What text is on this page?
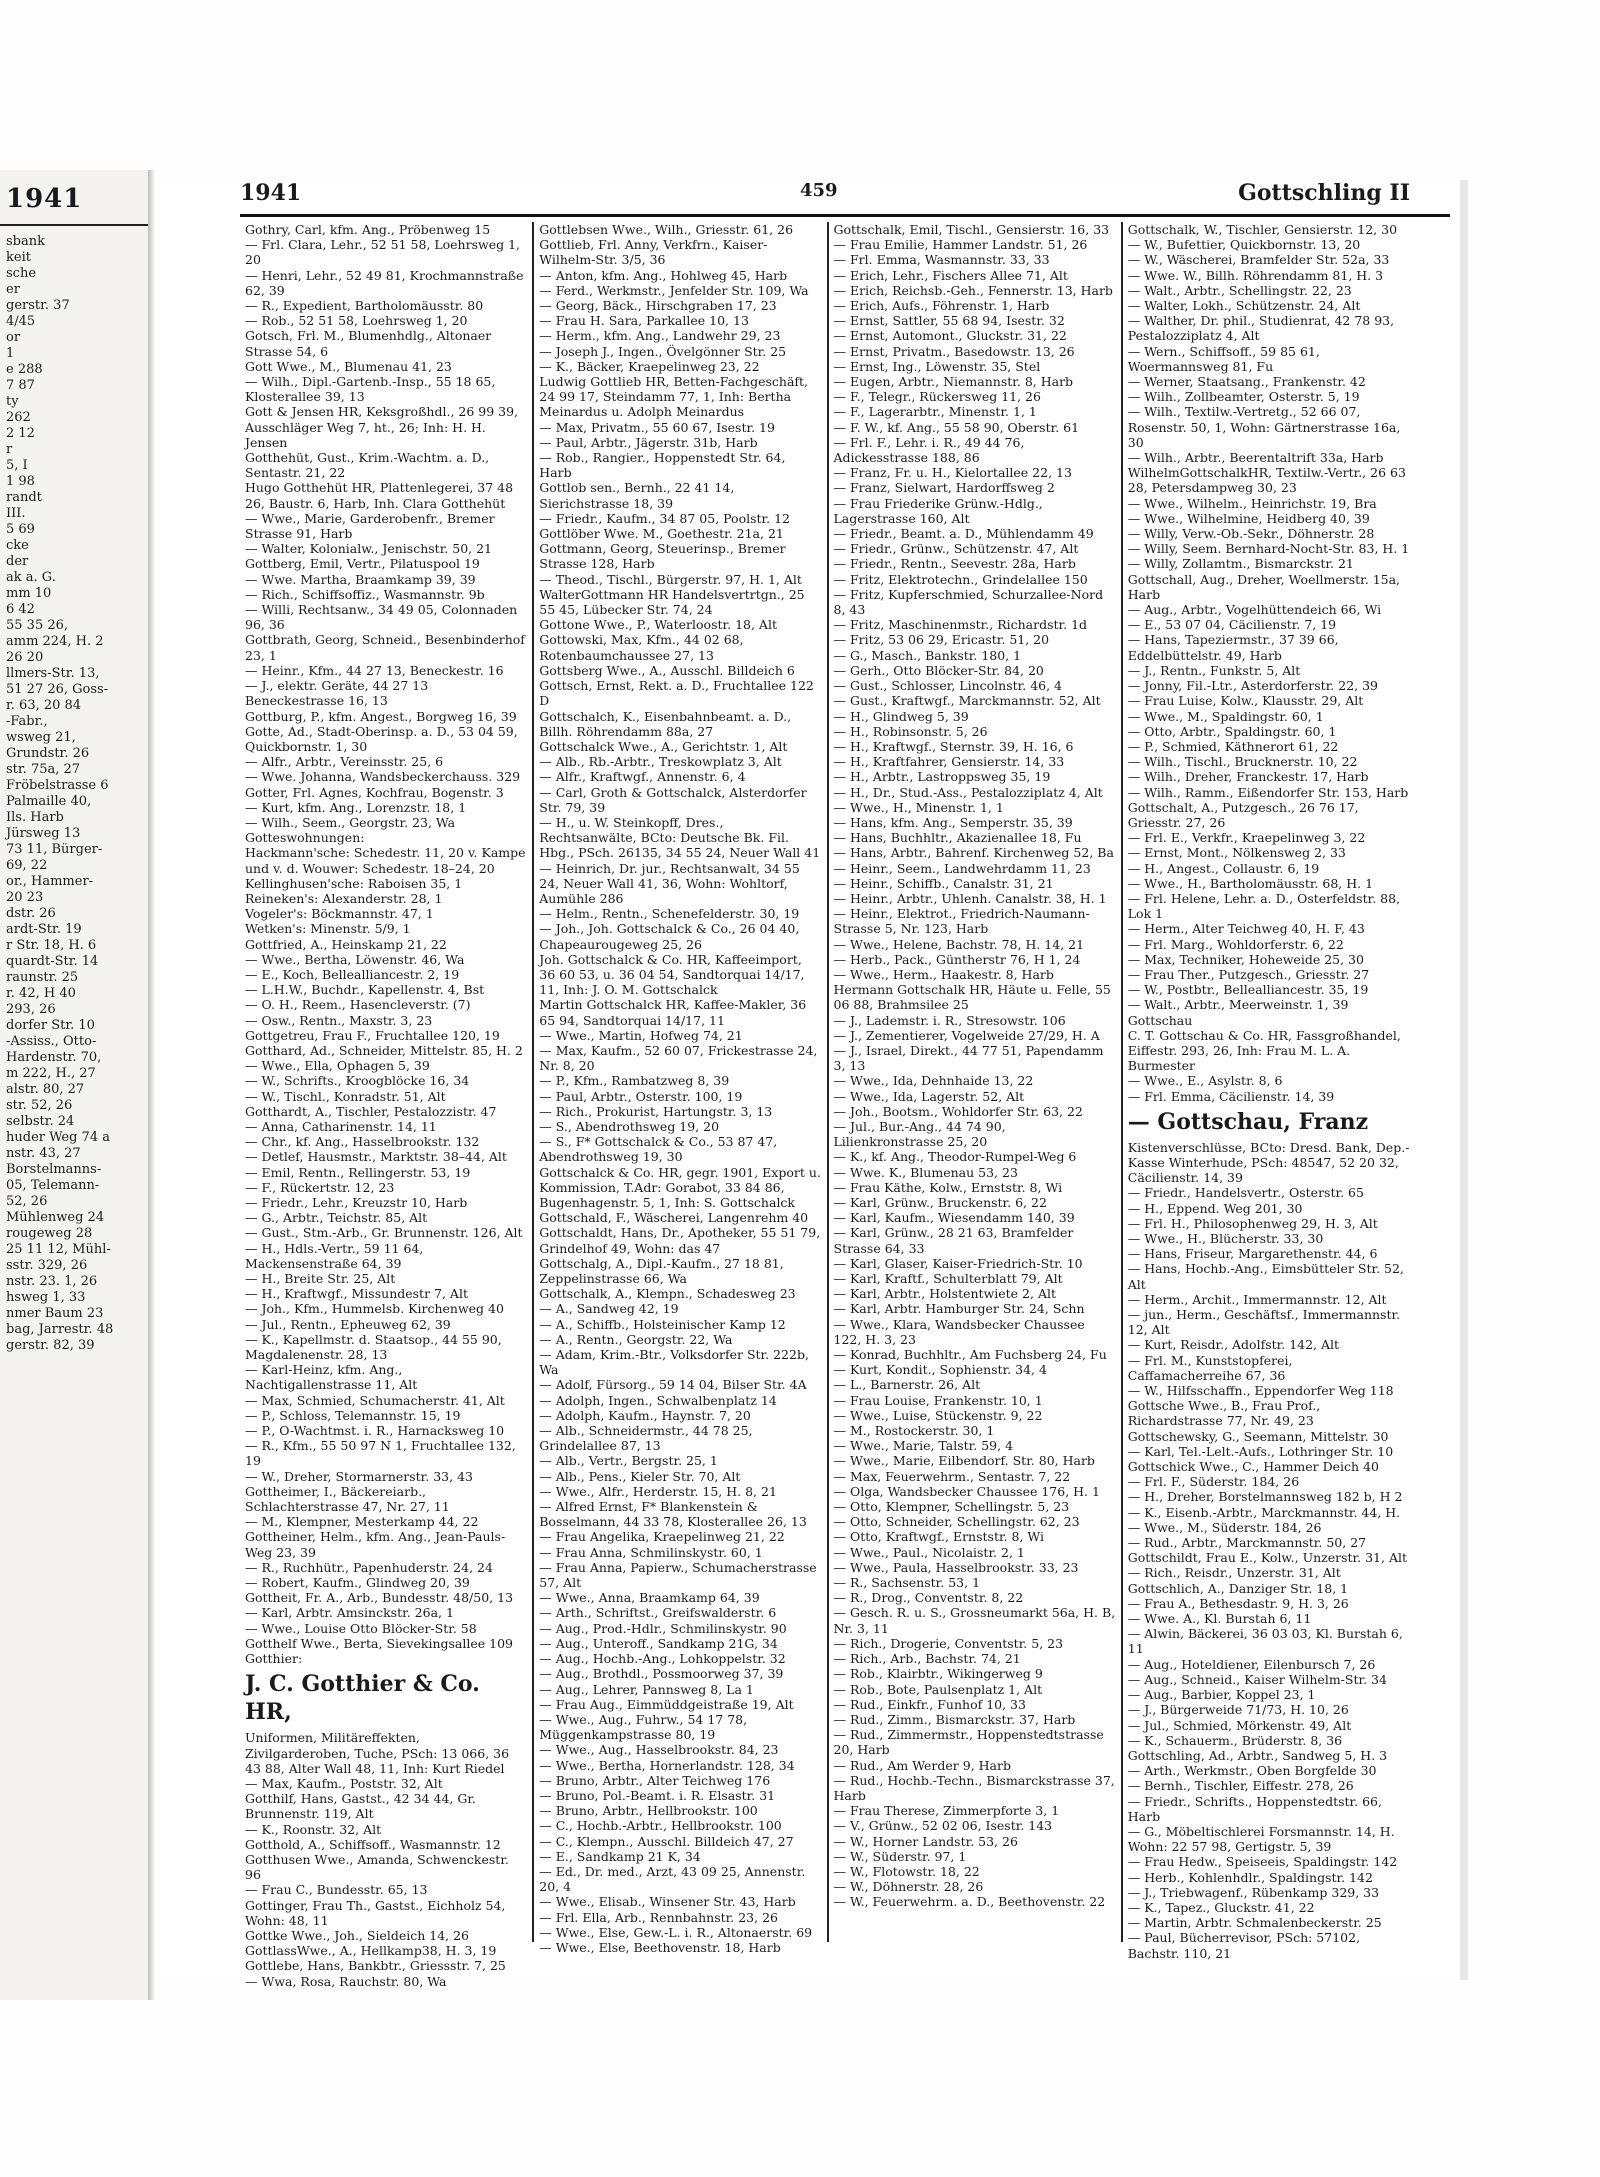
1941
sbank
keit
sche
er
gerstr. 37
4/45
or
1
e 288
7 87
ty
262
2 12
r
5, I
1 98
randt
III.
5 69
cke
der
ak a. G.
mm 10
6 42
55 35 26,
amm 224, H. 2
26 20
llmers-Str. 13,
51 27 26, Goss-
r. 63, 20 84
-Fabr.,
wsweg 21,
Grundstr. 26
str. 75a, 27
Fröbelstrasse 6
Palmaille 40,
Ils. Harb
Jürsweg 13
73 11, Bürger-
69, 22
or., Hammer-
20 23
dstr. 26
ardt-Str. 19
r Str. 18, H. 6
quardt-Str. 14
raunstr. 25
r. 42, H 40
293, 26
dorfer Str. 10
-Assiss., Otto-
Hardenstr. 70,
m 222, H., 27
alstr. 80, 27
str. 52, 26
selbstr. 24
huder Weg 74 a
nstr. 43, 27
Borstelmanns-
05, Telemann-
52, 26
Mühlenweg 24
rougeweg 28
25 11 12, Mühl-
sstr. 329, 26
nstr. 23. 1, 26
hsweg 1, 33
nmer Baum 23
bag, Jarrestr. 48
gerstr. 82, 39
1941	459	Gottschling II

Gothry, Carl, kfm. Ang., Pröbenweg 15

— Frl. Clara, Lehr., 52 51 58, Loehrsweg 1, 20

— Henri, Lehr., 52 49 81, Krochmannstraße 62, 39

— R., Expedient, Bartholomäusstr. 80

— Rob., 52 51 58, Loehrsweg 1, 20

Gotsch, Frl. M., Blumenhdlg., Altonaer Strasse 54, 6

Gott Wwe., M., Blumenau 41, 23

— Wilh., Dipl.-Gartenb.-Insp., 55 18 65, Klosterallee 39, 13

Gott & Jensen HR, Keksgroßhdl., 26 99 39, Ausschläger Weg 7, ht., 26; Inh: H. H. Jensen

Gotthehüt, Gust., Krim.-Wachtm. a. D., Sentastr. 21, 22

Hugo Gotthehüt HR, Plattenlegerei, 37 48 26, Baustr. 6, Harb, Inh. Clara Gotthehüt

— Wwe., Marie, Garderobenfr., Bremer Strasse 91, Harb

— Walter, Kolonialw., Jenischstr. 50, 21

Gottberg, Emil, Vertr., Pilatuspool 19

— Wwe. Martha, Braamkamp 39, 39

— Rich., Schiffsoffiz., Wasmannstr. 9b

— Willi, Rechtsanw., 34 49 05, Colonnaden 96, 36

Gottbrath, Georg, Schneid., Besenbinderhof 23, 1

— Heinr., Kfm., 44 27 13, Beneckestr. 16

— J., elektr. Geräte, 44 27 13 Beneckestrasse 16, 13

Gottburg, P., kfm. Angest., Borgweg 16, 39

Gotte, Ad., Stadt-Oberinsp. a. D., 53 04 59, Quickbornstr. 1, 30

— Alfr., Arbtr., Vereinsstr. 25, 6

— Wwe. Johanna, Wandsbeckerchauss. 329

Gotter, Frl. Agnes, Kochfrau, Bogenstr. 3

— Kurt, kfm. Ang., Lorenzstr. 18, 1

— Wilh., Seem., Georgstr. 23, Wa

Gotteswohnungen:

Hackmann'sche: Schedestr. 11, 20 v. Kampe und v. d. Wouwer: Schedestr. 18–24, 20

Kellinghusen'sche: Raboisen 35, 1

Reineken's: Alexanderstr. 28, 1

Vogeler's: Böckmannstr. 47, 1

Wetken's: Minenstr. 5/9, 1

Gottfried, A., Heinskamp 21, 22

— Wwe., Bertha, Löwenstr. 46, Wa

— E., Koch, Bellealliancestr. 2, 19

— L.H.W., Buchdr., Kapellenstr. 4, Bst

— O. H., Reem., Hasencleverstr. (7)

— Osw., Rentn., Maxstr. 3, 23

Gottgetreu, Frau F., Fruchtallee 120, 19

Gotthard, Ad., Schneider, Mittelstr. 85, H. 2

— Wwe., Ella, Ophagen 5, 39

— W., Schrifts., Kroogblöcke 16, 34

— W., Tischl., Konradstr. 51, Alt

Gotthardt, A., Tischler, Pestalozzistr. 47

— Anna, Catharinenstr. 14, 11

— Chr., kf. Ang., Hasselbrookstr. 132

— Detlef, Hausmstr., Marktstr. 38–44, Alt

— Emil, Rentn., Rellingerstr. 53, 19

— F., Rückertstr. 12, 23

— Friedr., Lehr., Kreuzstr 10, Harb

— G., Arbtr., Teichstr. 85, Alt

— Gust., Stm.-Arb., Gr. Brunnenstr. 126, Alt

— H., Hdls.-Vertr., 59 11 64, Mackensenstraße 64, 39

— H., Breite Str. 25, Alt

— H., Kraftwgf., Missundestr 7, Alt

— Joh., Kfm., Hummelsb. Kirchenweg 40

— Jul., Rentn., Epheuweg 62, 39

— K., Kapellmstr. d. Staatsop., 44 55 90, Magdalenenstr. 28, 13

— Karl-Heinz, kfm. Ang., Nachtigallenstrasse 11, Alt

— Max, Schmied, Schumacherstr. 41, Alt

— P., Schloss, Telemannstr. 15, 19

— P., O-Wachtmst. i. R., Harnacksweg 10

— R., Kfm., 55 50 97 N 1, Fruchtallee 132, 19

— W., Dreher, Stormarnerstr. 33, 43

Gottheimer, I., Bäckereiarb., Schlachterstrasse 47, Nr. 27, 11

— M., Klempner, Mesterkamp 44, 22

Gottheiner, Helm., kfm. Ang., Jean-Pauls-Weg 23, 39

— R., Ruchhütr., Papenhuderstr. 24, 24

— Robert, Kaufm., Glindweg 20, 39

Gottheit, Fr. A., Arb., Bundesstr. 48/50, 13

— Karl, Arbtr. Amsinckstr. 26a, 1

— Wwe., Louise Otto Blöcker-Str. 58

Gotthelf Wwe., Berta, Sievekingsallee 109

Gotthier:

J. C. Gotthier & Co. HR,

Uniformen, Militäreffekten, Zivilgarderoben, Tuche, PSch: 13 066, 36 43 88, Alter Wall 48, 11, Inh: Kurt Riedel

— Max, Kaufm., Poststr. 32, Alt

Gotthilf, Hans, Gastst., 42 34 44, Gr. Brunnenstr. 119, Alt

— K., Roonstr. 32, Alt

Gotthold, A., Schiffsoff., Wasmannstr. 12

Gotthusen Wwe., Amanda, Schwenckestr. 96

— Frau C., Bundesstr. 65, 13

Gottinger, Frau Th., Gastst., Eichholz 54, Wohn: 48, 11

Gottke Wwe., Joh., Sieldeich 14, 26

GottlassWwe., A., Hellkamp38, H. 3, 19

Gottlebe, Hans, Bankbtr., Griessstr. 7, 25

— Wwa, Rosa, Rauchstr. 80, Wa

Gottlebsen Wwe., Wilh., Griesstr. 61, 26

Gottlieb, Frl. Anny, Verkfrn., Kaiser-Wilhelm-Str. 3/5, 36

— Anton, kfm. Ang., Hohlweg 45, Harb

— Ferd., Werkmstr., Jenfelder Str. 109, Wa

— Georg, Bäck., Hirschgraben 17, 23

— Frau H. Sara, Parkallee 10, 13

— Herm., kfm. Ang., Landwehr 29, 23

— Joseph J., Ingen., Övelgönner Str. 25

— K., Bäcker, Kraepelinweg 23, 22

Ludwig Gottlieb HR, Betten-Fachgeschäft, 24 99 17, Steindamm 77, 1, Inh: Bertha Meinardus u. Adolph Meinardus

— Max, Privatm., 55 60 67, Isestr. 19

— Paul, Arbtr., Jägerstr. 31b, Harb

— Rob., Rangier., Hoppenstedt Str. 64, Harb

Gottlob sen., Bernh., 22 41 14, Sierichstrasse 18, 39

— Friedr., Kaufm., 34 87 05, Poolstr. 12

Gottlöber Wwe. M., Goethestr. 21a, 21

Gottmann, Georg, Steuerinsp., Bremer Strasse 128, Harb

— Theod., Tischl., Bürgerstr. 97, H. 1, Alt

WalterGottmann HR Handelsvertrtgn., 25 55 45, Lübecker Str. 74, 24

Gottone Wwe., P., Waterloostr. 18, Alt

Gottowski, Max, Kfm., 44 02 68, Rotenbaumchaussee 27, 13

Gottsberg Wwe., A., Ausschl. Billdeich 6

Gottsch, Ernst, Rekt. a. D., Fruchtallee 122 D

Gottschalch, K., Eisenbahnbeamt. a. D., Billh. Röhrendamm 88a, 27

Gottschalck Wwe., A., Gerichtstr. 1, Alt

— Alb., Rb.-Arbtr., Treskowplatz 3, Alt

— Alfr., Kraftwgf., Annenstr. 6, 4

— Carl, Groth & Gottschalck, Alsterdorfer Str. 79, 39

— H., u. W. Steinkopff, Dres., Rechtsanwälte, BCto: Deutsche Bk. Fil. Hbg., PSch. 26135, 34 55 24, Neuer Wall 41

— Heinrich, Dr. jur., Rechtsanwalt, 34 55 24, Neuer Wall 41, 36, Wohn: Wohltorf, Aumühle 286

— Helm., Rentn., Schenefelderstr. 30, 19

— Joh., Joh. Gottschalck & Co., 26 04 40, Chapeaurougeweg 25, 26

Joh. Gottschalck & Co. HR, Kaffeeimport, 36 60 53, u. 36 04 54, Sandtorquai 14/17, 11, Inh: J. O. M. Gottschalck

Martin Gottschalck HR, Kaffee-Makler, 36 65 94, Sandtorquai 14/17, 11

— Wwe., Martin, Hofweg 74, 21

— Max, Kaufm., 52 60 07, Frickestrasse 24, Nr. 8, 20

— P., Kfm., Rambatzweg 8, 39

— Paul, Arbtr., Osterstr. 100, 19

— Rich., Prokurist, Hartungstr. 3, 13

— S., Abendrothsweg 19, 20

— S., F* Gottschalck & Co., 53 87 47, Abendrothsweg 19, 30

Gottschalck & Co. HR, gegr. 1901, Export u. Kommission, T.Adr: Gorabot, 33 84 86, Bugenhagenstr. 5, 1, Inh: S. Gottschalck

Gottschald, F., Wäscherei, Langenrehm 40

Gottschaldt, Hans, Dr., Apotheker, 55 51 79, Grindelhof 49, Wohn: das 47

Gottschalg, A., Dipl.-Kaufm., 27 18 81, Zeppelinstrasse 66, Wa

Gottschalk, A., Klempn., Schadesweg 23

— A., Sandweg 42, 19

— A., Schiffb., Holsteinischer Kamp 12

— A., Rentn., Georgstr. 22, Wa

— Adam, Krim.-Btr., Volksdorfer Str. 222b, Wa

— Adolf, Fürsorg., 59 14 04, Bilser Str. 4A

— Adolph, Ingen., Schwalbenplatz 14

— Adolph, Kaufm., Haynstr. 7, 20

— Alb., Schneidermstr., 44 78 25, Grindelallee 87, 13

— Alb., Vertr., Bergstr. 25, 1

— Alb., Pens., Kieler Str. 70, Alt

— Wwe., Alfr., Herderstr. 15, H. 8, 21

— Alfred Ernst, F* Blankenstein & Bosselmann, 44 33 78, Klosterallee 26, 13

— Frau Angelika, Kraepelinweg 21, 22

— Frau Anna, Schmilinskystr. 60, 1

— Frau Anna, Papierw., Schumacherstrasse 57, Alt

— Wwe., Anna, Braamkamp 64, 39

— Arth., Schriftst., Greifswalderstr. 6

— Aug., Prod.-Hdlr., Schmilinskystr. 90

— Aug., Unteroff., Sandkamp 21G, 34

— Aug., Hochb.-Ang., Lohkoppelstr. 32

— Aug., Brothdl., Possmoorweg 37, 39

— Aug., Lehrer, Pannsweg 8, La 1

— Frau Aug., Eimmüddgeistraße 19, Alt

— Wwe., Aug., Fuhrw., 54 17 78, Müggenkampstrasse 80, 19

— Wwe., Aug., Hasselbrookstr. 84, 23

— Wwe., Bertha, Hornerlandstr. 128, 34

— Bruno, Arbtr., Alter Teichweg 176

— Bruno, Pol.-Beamt. i. R. Elsastr. 31

— Bruno, Arbtr., Hellbrookstr. 100

— C., Hochb.-Arbtr., Hellbrookstr. 100

— C., Klempn., Ausschl. Billdeich 47, 27

— E., Sandkamp 21 K, 34

— Ed., Dr. med., Arzt, 43 09 25, Annenstr. 20, 4

— Wwe., Elisab., Winsener Str. 43, Harb

— Frl. Ella, Arb., Rennbahnstr. 23, 26

— Wwe., Else, Gew.-L. i. R., Altonaerstr. 69

— Wwe., Else, Beethovenstr. 18, Harb

Gottschalk, Emil, Tischl., Gensierstr. 16, 33

— Frau Emilie, Hammer Landstr. 51, 26

— Frl. Emma, Wasmannstr. 33, 33

— Erich, Lehr., Fischers Allee 71, Alt

— Erich, Reichsb.-Geh., Fennerstr. 13, Harb

— Erich, Aufs., Föhrenstr. 1, Harb

— Ernst, Sattler, 55 68 94, Isestr. 32

— Ernst, Automont., Gluckstr. 31, 22

— Ernst, Privatm., Basedowstr. 13, 26

— Ernst, Ing., Löwenstr. 35, Stel

— Eugen, Arbtr., Niemannstr. 8, Harb

— F., Telegr., Rückersweg 11, 26

— F., Lagerarbtr., Minenstr. 1, 1

— F. W., kf. Ang., 55 58 90, Oberstr. 61

— Frl. F., Lehr. i. R., 49 44 76, Adickesstrasse 188, 86

— Franz, Fr. u. H., Kielortallee 22, 13

— Franz, Sielwart, Hardorffsweg 2

— Frau Friederike Grünw.-Hdlg., Lagerstrasse 160, Alt

— Friedr., Beamt. a. D., Mühlendamm 49

— Friedr., Grünw., Schützenstr. 47, Alt

— Friedr., Rentn., Seevestr. 28a, Harb

— Fritz, Elektrotechn., Grindelallee 150

— Fritz, Kupferschmied, Schurzallee-Nord 8, 43

— Fritz, Maschinenmstr., Richardstr. 1d

— Fritz, 53 06 29, Ericastr. 51, 20

— G., Masch., Bankstr. 180, 1

— Gerh., Otto Blöcker-Str. 84, 20

— Gust., Schlosser, Lincolnstr. 46, 4

— Gust., Kraftwgf., Marckmannstr. 52, Alt

— H., Glindweg 5, 39

— H., Robinsonstr. 5, 26

— H., Kraftwgf., Sternstr. 39, H. 16, 6

— H., Kraftfahrer, Gensierstr. 14, 33

— H., Arbtr., Lastroppsweg 35, 19

— H., Dr., Stud.-Ass., Pestalozziplatz 4, Alt

— Wwe., H., Minenstr. 1, 1

— Hans, kfm. Ang., Semperstr. 35, 39

— Hans, Buchhltr., Akazienallee 18, Fu

— Hans, Arbtr., Bahrenf. Kirchenweg 52, Ba

— Heinr., Seem., Landwehrdamm 11, 23

— Heinr., Schiffb., Canalstr. 31, 21

— Heinr., Arbtr., Uhlenh. Canalstr. 38, H. 1

— Heinr., Elektrot., Friedrich-Naumann-Strasse 5, Nr. 123, Harb

— Wwe., Helene, Bachstr. 78, H. 14, 21

— Herb., Pack., Güntherstr 76, H 1, 24

— Wwe., Herm., Haakestr. 8, Harb

Hermann Gottschalk HR, Häute u. Felle, 55 06 88, Brahmsilee 25

— J., Lademstr. i. R., Stresowstr. 106

— J., Zementierer, Vogelweide 27/29, H. A

— J., Israel, Direkt., 44 77 51, Papendamm 3, 13

— Wwe., Ida, Dehnhaide 13, 22

— Wwe., Ida, Lagerstr. 52, Alt

— Joh., Bootsm., Wohldorfer Str. 63, 22

— Jul., Bur.-Ang., 44 74 90, Lilienkronstrasse 25, 20

— K., kf. Ang., Theodor-Rumpel-Weg 6

— Wwe. K., Blumenau 53, 23

— Frau Käthe, Kolw., Ernststr. 8, Wi

— Karl, Grünw., Bruckenstr. 6, 22

— Karl, Kaufm., Wiesendamm 140, 39

— Karl, Grünw., 28 21 63, Bramfelder Strasse 64, 33

— Karl, Glaser, Kaiser-Friedrich-Str. 10

— Karl, Kraftf., Schulterblatt 79, Alt

— Karl, Arbtr., Holstentwiete 2, Alt

— Karl, Arbtr. Hamburger Str. 24, Schn

— Wwe., Klara, Wandsbecker Chaussee 122, H. 3, 23

— Konrad, Buchhltr., Am Fuchsberg 24, Fu

— Kurt, Kondit., Sophienstr. 34, 4

— L., Barnerstr. 26, Alt

— Frau Louise, Frankenstr. 10, 1

— Wwe., Luise, Stückenstr. 9, 22

— M., Rostockerstr. 30, 1

— Wwe., Marie, Talstr. 59, 4

— Wwe., Marie, Eilbendorf. Str. 80, Harb

— Max, Feuerwehrm., Sentastr. 7, 22

— Olga, Wandsbecker Chaussee 176, H. 1

— Otto, Klempner, Schellingstr. 5, 23

— Otto, Schneider, Schellingstr. 62, 23

— Otto, Kraftwgf., Ernststr. 8, Wi

— Wwe., Paul., Nicolaistr. 2, 1

— Wwe., Paula, Hasselbrookstr. 33, 23

— R., Sachsenstr. 53, 1

— R., Drog., Conventstr. 8, 22

— Gesch. R. u. S., Grossneumarkt 56a, H. B, Nr. 3, 11

— Rich., Drogerie, Conventstr. 5, 23

— Rich., Arb., Bachstr. 74, 21

— Rob., Klairbtr., Wikingerweg 9

— Rob., Bote, Paulsenplatz 1, Alt

— Rud., Einkfr., Funhof 10, 33

— Rud., Zimm., Bismarckstr. 37, Harb

— Rud., Zimmermstr., Hoppenstedtstrasse 20, Harb

— Rud., Am Werder 9, Harb

— Rud., Hochb.-Techn., Bismarckstrasse 37, Harb

— Frau Therese, Zimmerpforte 3, 1

— V., Grünw., 52 02 06, Isestr. 143

— W., Horner Landstr. 53, 26

— W., Süderstr. 97, 1

— W., Flotowstr. 18, 22

— W., Döhnerstr. 28, 26

— W., Feuerwehrm. a. D., Beethovenstr. 22

Gottschalk, W., Tischler, Gensierstr. 12, 30

— W., Bufettier, Quickbornstr. 13, 20

— W., Wäscherei, Bramfelder Str. 52a, 33

— Wwe. W., Billh. Röhrendamm 81, H. 3

— Walt., Arbtr., Schellingstr. 22, 23

— Walter, Lokh., Schützenstr. 24, Alt

— Walther, Dr. phil., Studienrat, 42 78 93, Pestalozziplatz 4, Alt

— Wern., Schiffsoff., 59 85 61, Woermannsweg 81, Fu

— Werner, Staatsang., Frankenstr. 42

— Wilh., Zollbeamter, Osterstr. 5, 19

— Wilh., Textilw.-Vertretg., 52 66 07, Rosenstr. 50, 1, Wohn: Gärtnerstrasse 16a, 30

— Wilh., Arbtr., Beerentaltrift 33a, Harb

WilhelmGottschalkHR, Textilw.-Vertr., 26 63 28, Petersdampweg 30, 23

— Wwe., Wilhelm., Heinrichstr. 19, Bra

— Wwe., Wilhelmine, Heidberg 40, 39

— Willy, Verw.-Ob.-Sekr., Döhnerstr. 28

— Willy, Seem. Bernhard-Nocht-Str. 83, H. 1

— Willy, Zollamtm., Bismarckstr. 21

Gottschall, Aug., Dreher, Woellmerstr. 15a, Harb

— Aug., Arbtr., Vogelhüttendeich 66, Wi

— E., 53 07 04, Cäcilienstr. 7, 19

— Hans, Tapeziermstr., 37 39 66, Eddelbüttelstr. 49, Harb

— J., Rentn., Funkstr. 5, Alt

— Jonny, Fil.-Ltr., Asterdorferstr. 22, 39

— Frau Luise, Kolw., Klausstr. 29, Alt

— Wwe., M., Spaldingstr. 60, 1

— Otto, Arbtr., Spaldingstr. 60, 1

— P., Schmied, Käthnerort 61, 22

— Wilh., Tischl., Brucknerstr. 10, 22

— Wilh., Dreher, Franckestr. 17, Harb

— Wilh., Ramm., Eißendorfer Str. 153, Harb

Gottschalt, A., Putzgesch., 26 76 17, Griesstr. 27, 26

— Frl. E., Verkfr., Kraepelinweg 3, 22

— Ernst, Mont., Nölkensweg 2, 33

— H., Angest., Collaustr. 6, 19

— Wwe., H., Bartholomäusstr. 68, H. 1

— Frl. Helene, Lehr. a. D., Osterfeldstr. 88, Lok 1

— Herm., Alter Teichweg 40, H. F, 43

— Frl. Marg., Wohldorferstr. 6, 22

— Max, Techniker, Hoheweide 25, 30

— Frau Ther., Putzgesch., Griesstr. 27

— W., Postbtr., Bellealliancestr. 35, 19

— Walt., Arbtr., Meerweinstr. 1, 39

Gottschau

C. T. Gottschau & Co. HR, Fassgroßhandel, Eiffestr. 293, 26, Inh: Frau M. L. A. Burmester

— Wwe., E., Asylstr. 8, 6

— Frl. Emma, Cäcilienstr. 14, 39

— Gottschau, Franz

Kistenverschlüsse, BCto: Dresd. Bank, Dep.-Kasse Winterhude, PSch: 48547, 52 20 32, Cäcilienstr. 14, 39

— Friedr., Handelsvertr., Osterstr. 65

— H., Eppend. Weg 201, 30

— Frl. H., Philosophenweg 29, H. 3, Alt

— Wwe., H., Blücherstr. 33, 30

— Hans, Friseur, Margarethenstr. 44, 6

— Hans, Hochb.-Ang., Eimsbütteler Str. 52, Alt

— Herm., Archit., Immermannstr. 12, Alt

— jun., Herm., Geschäftsf., Immermannstr. 12, Alt

— Kurt, Reisdr., Adolfstr. 142, Alt

— Frl. M., Kunststopferei, Caffamacherreihe 67, 36

— W., Hilfsschaffn., Eppendorfer Weg 118

Gottsche Wwe., B., Frau Prof., Richardstrasse 77, Nr. 49, 23

Gottschewsky, G., Seemann, Mittelstr. 30

— Karl, Tel.-Lelt.-Aufs., Lothringer Str. 10

Gottschick Wwe., C., Hammer Deich 40

— Frl. F., Süderstr. 184, 26

— H., Dreher, Borstelmannsweg 182 b, H 2

— K., Eisenb.-Arbtr., Marckmannstr. 44, H.

— Wwe., M., Süderstr. 184, 26

— Rud., Arbtr., Marckmannstr. 50, 27

Gottschildt, Frau E., Kolw., Unzerstr. 31, Alt

— Rich., Reisdr., Unzerstr. 31, Alt

Gottschlich, A., Danziger Str. 18, 1

— Frau A., Bethesdastr. 9, H. 3, 26

— Wwe. A., Kl. Burstah 6, 11

— Alwin, Bäckerei, 36 03 03, Kl. Burstah 6, 11

— Aug., Hoteldiener, Eilenbursch 7, 26

— Aug., Schneid., Kaiser Wilhelm-Str. 34

— Aug., Barbier, Koppel 23, 1

— J., Bürgerweide 71/73, H. 10, 26

— Jul., Schmied, Mörkenstr. 49, Alt

— K., Schauerm., Brüderstr. 8, 36

Gottschling, Ad., Arbtr., Sandweg 5, H. 3

— Arth., Werkmstr., Oben Borgfelde 30

— Bernh., Tischler, Eiffestr. 278, 26

— Friedr., Schrifts., Hoppenstedtstr. 66, Harb

— G., Möbeltischlerei Forsmannstr. 14, H. Wohn: 22 57 98, Gertigstr. 5, 39

— Frau Hedw., Speiseeis, Spaldingstr. 142

— Herb., Kohlenhdlr., Spaldingstr. 142

— J., Triebwagenf., Rübenkamp 329, 33

— K., Tapez., Gluckstr. 41, 22

— Martin, Arbtr. Schmalenbeckerstr. 25

— Paul, Bücherrevisor, PSch: 57102, Bachstr. 110, 21
